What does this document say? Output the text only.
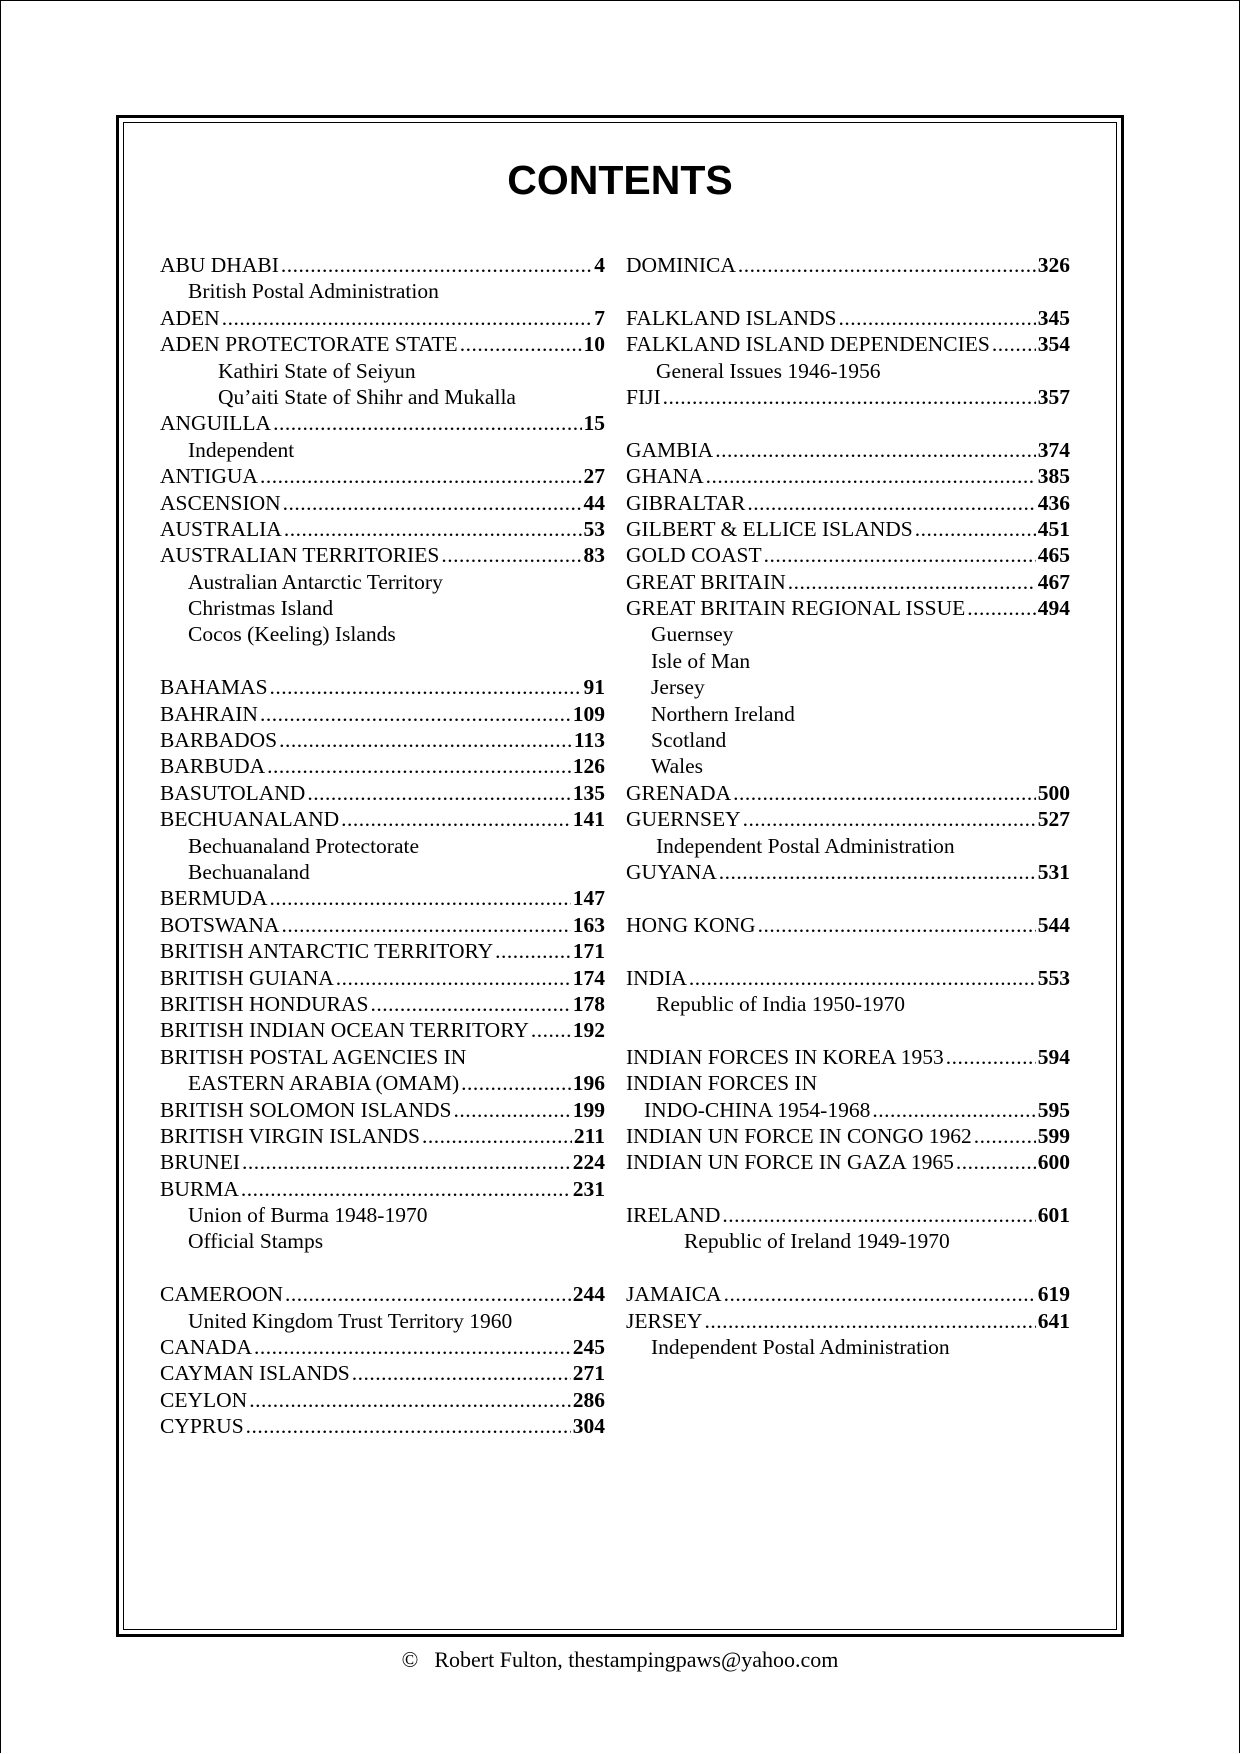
CONTENTS
ABU DHABI .....	4
British Postal Administration
ADEN .....	7
ADEN PROTECTORATE STATE .....	10
Kathiri State of Seiyun
Qu’aiti State of Shihr and Mukalla
ANGUILLA .....	15
Independent
ANTIGUA .....	27
ASCENSION .....	44
AUSTRALIA .....	53
AUSTRALIAN TERRITORIES .....	83
Australian Antarctic Territory
Christmas Island
Cocos (Keeling) Islands
BAHAMAS .....	91
BAHRAIN .....	109
BARBADOS .....	113
BARBUDA .....	126
BASUTOLAND .....	135
BECHUANALAND .....	141
Bechuanaland Protectorate
Bechuanaland
BERMUDA .....	147
BOTSWANA .....	163
BRITISH ANTARCTIC TERRITORY .....	171
BRITISH GUIANA .....	174
BRITISH HONDURAS .....	178
BRITISH INDIAN OCEAN TERRITORY ..... 192
BRITISH POSTAL AGENCIES IN
EASTERN ARABIA (OMAM) .....	196
BRITISH SOLOMON ISLANDS .....	199
BRITISH VIRGIN ISLANDS .....	211
BRUNEI .....	224
BURMA .....	231
Union of Burma 1948-1970
Official Stamps
CAMEROON .....	244
United Kingdom Trust Territory 1960
CANADA .....	245
CAYMAN ISLANDS .....	271
CEYLON .....	286
CYPRUS .....	304
DOMINICA .....	326
FALKLAND ISLANDS .....	345
FALKLAND ISLAND DEPENDENCIES ..... 354
General Issues 1946-1956
FIJI .....	357
GAMBIA .....	374
GHANA .....	385
GIBRALTAR .....	436
GILBERT & ELLICE ISLANDS .....	451
GOLD COAST .....	465
GREAT BRITAIN .....	467
GREAT BRITAIN REGIONAL ISSUE .....	494
Guernsey
Isle of Man
Jersey
Northern Ireland
Scotland
Wales
GRENADA .....	500
GUERNSEY .....	527
Independent Postal Administration
GUYANA .....	531
HONG KONG .....	544
INDIA .....	553
Republic of India 1950-1970
INDIAN FORCES IN KOREA 1953 .....	594
INDIAN FORCES IN
INDO-CHINA 1954-1968 .....	595
INDIAN UN FORCE IN CONGO 1962 .....	599
INDIAN UN FORCE IN GAZA 1965 .....	600
IRELAND .....	601
Republic of Ireland 1949-1970
JAMAICA .....	619
JERSEY .....	641
Independent Postal Administration
© Robert Fulton, thestampingpaws@yahoo.com
